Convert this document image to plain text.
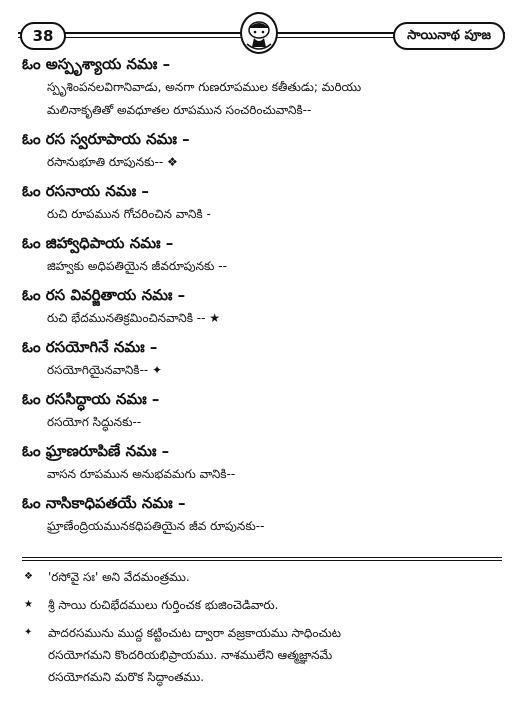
38	సాయినాథ పూజ
ఓం అస్పృశ్యాయ నమః –
స్పృశింపనలవిగానివాడు, అనగా గుణరూపముల కతీతుడు; మరియు
మలినాకృతితో అవధూతల రూపమున సంచరించువానికి--
ఓం రస స్వరూపాయ నమః –
రసానుభూతి రూపునకు-- ❖
ఓం రసనాయ నమః –
రుచి రూపమున గోచరించిన వానికి -
ఓం జిహ్వాధిపాయ నమః –
జిహ్వకు అధిపతియైన జీవరూపునకు --
ఓం రస వివర్జితాయ నమః –
రుచి భేదమునతిక్రమించినవానికి -- ★
ఓం రసయోగినే నమః –
రసయోగియైనవానికి-- ✦
ఓం రససిద్ధాయ నమః –
రసయోగ సిద్ధునకు--
ఓం ఘ్రాణరూపిణే నమః –
వాసన రూపమున అనుభవమగు వానికి--
ఓం నాసికాధిపతయే నమః –
ఘ్రాణేంద్రియమునకధిపతియైన జీవ రూపునకు--
❖ 'రసోవై సః' అని వేదమంత్రము.
★ శ్రీ సాయి రుచిభేదములు గుర్తించక భుజించెడివారు.
✦ పాదరసమును ముద్ద కట్టించుట ద్వారా వజ్రకాయము సాధించుట
రసయోగమని కొందరియభిప్రాయము. నాశములేని ఆత్మజ్ఞానమే
రసయోగమని మరొక సిద్ధాంతము.
